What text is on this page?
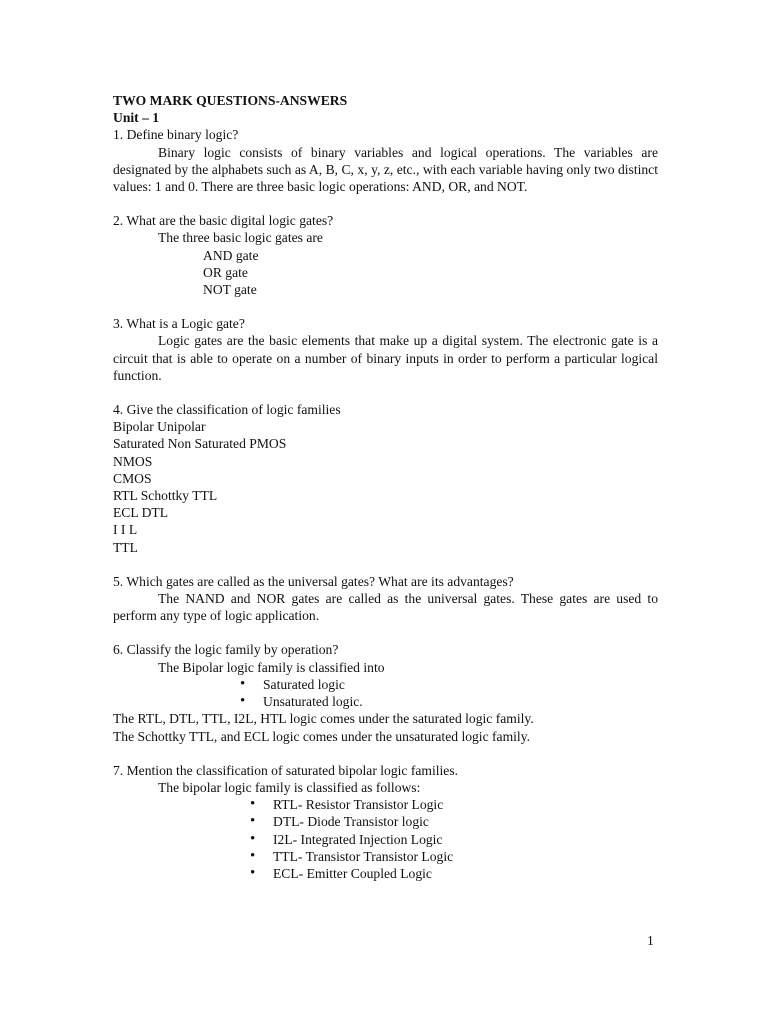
TWO MARK QUESTIONS-ANSWERS

Unit – 1

1. Define binary logic?

Binary logic consists of binary variables and logical operations. The variables are designated by the alphabets such as A, B, C, x, y, z, etc., with each variable having only two distinct values: 1 and 0. There are three basic logic operations: AND, OR, and NOT.

2. What are the basic digital logic gates?

The three basic logic gates are

AND gate

OR gate

NOT gate

3. What is a Logic gate?

Logic gates are the basic elements that make up a digital system. The electronic gate is a circuit that is able to operate on a number of binary inputs in order to perform a particular logical function.

4. Give the classification of logic families

Bipolar Unipolar

Saturated Non Saturated PMOS

NMOS

CMOS

RTL Schottky TTL

ECL DTL

I I L

TTL

5. Which gates are called as the universal gates? What are its advantages?

The NAND and NOR gates are called as the universal gates. These gates are used to perform any type of logic application.

6. Classify the logic family by operation?

The Bipolar logic family is classified into

• Saturated logic
• Unsaturated logic.

The RTL, DTL, TTL, I2L, HTL logic comes under the saturated logic family.

The Schottky TTL, and ECL logic comes under the unsaturated logic family.

7. Mention the classification of saturated bipolar logic families.

The bipolar logic family is classified as follows:

• RTL- Resistor Transistor Logic
• DTL- Diode Transistor logic
• I2L- Integrated Injection Logic
• TTL- Transistor Transistor Logic
• ECL- Emitter Coupled Logic
1
